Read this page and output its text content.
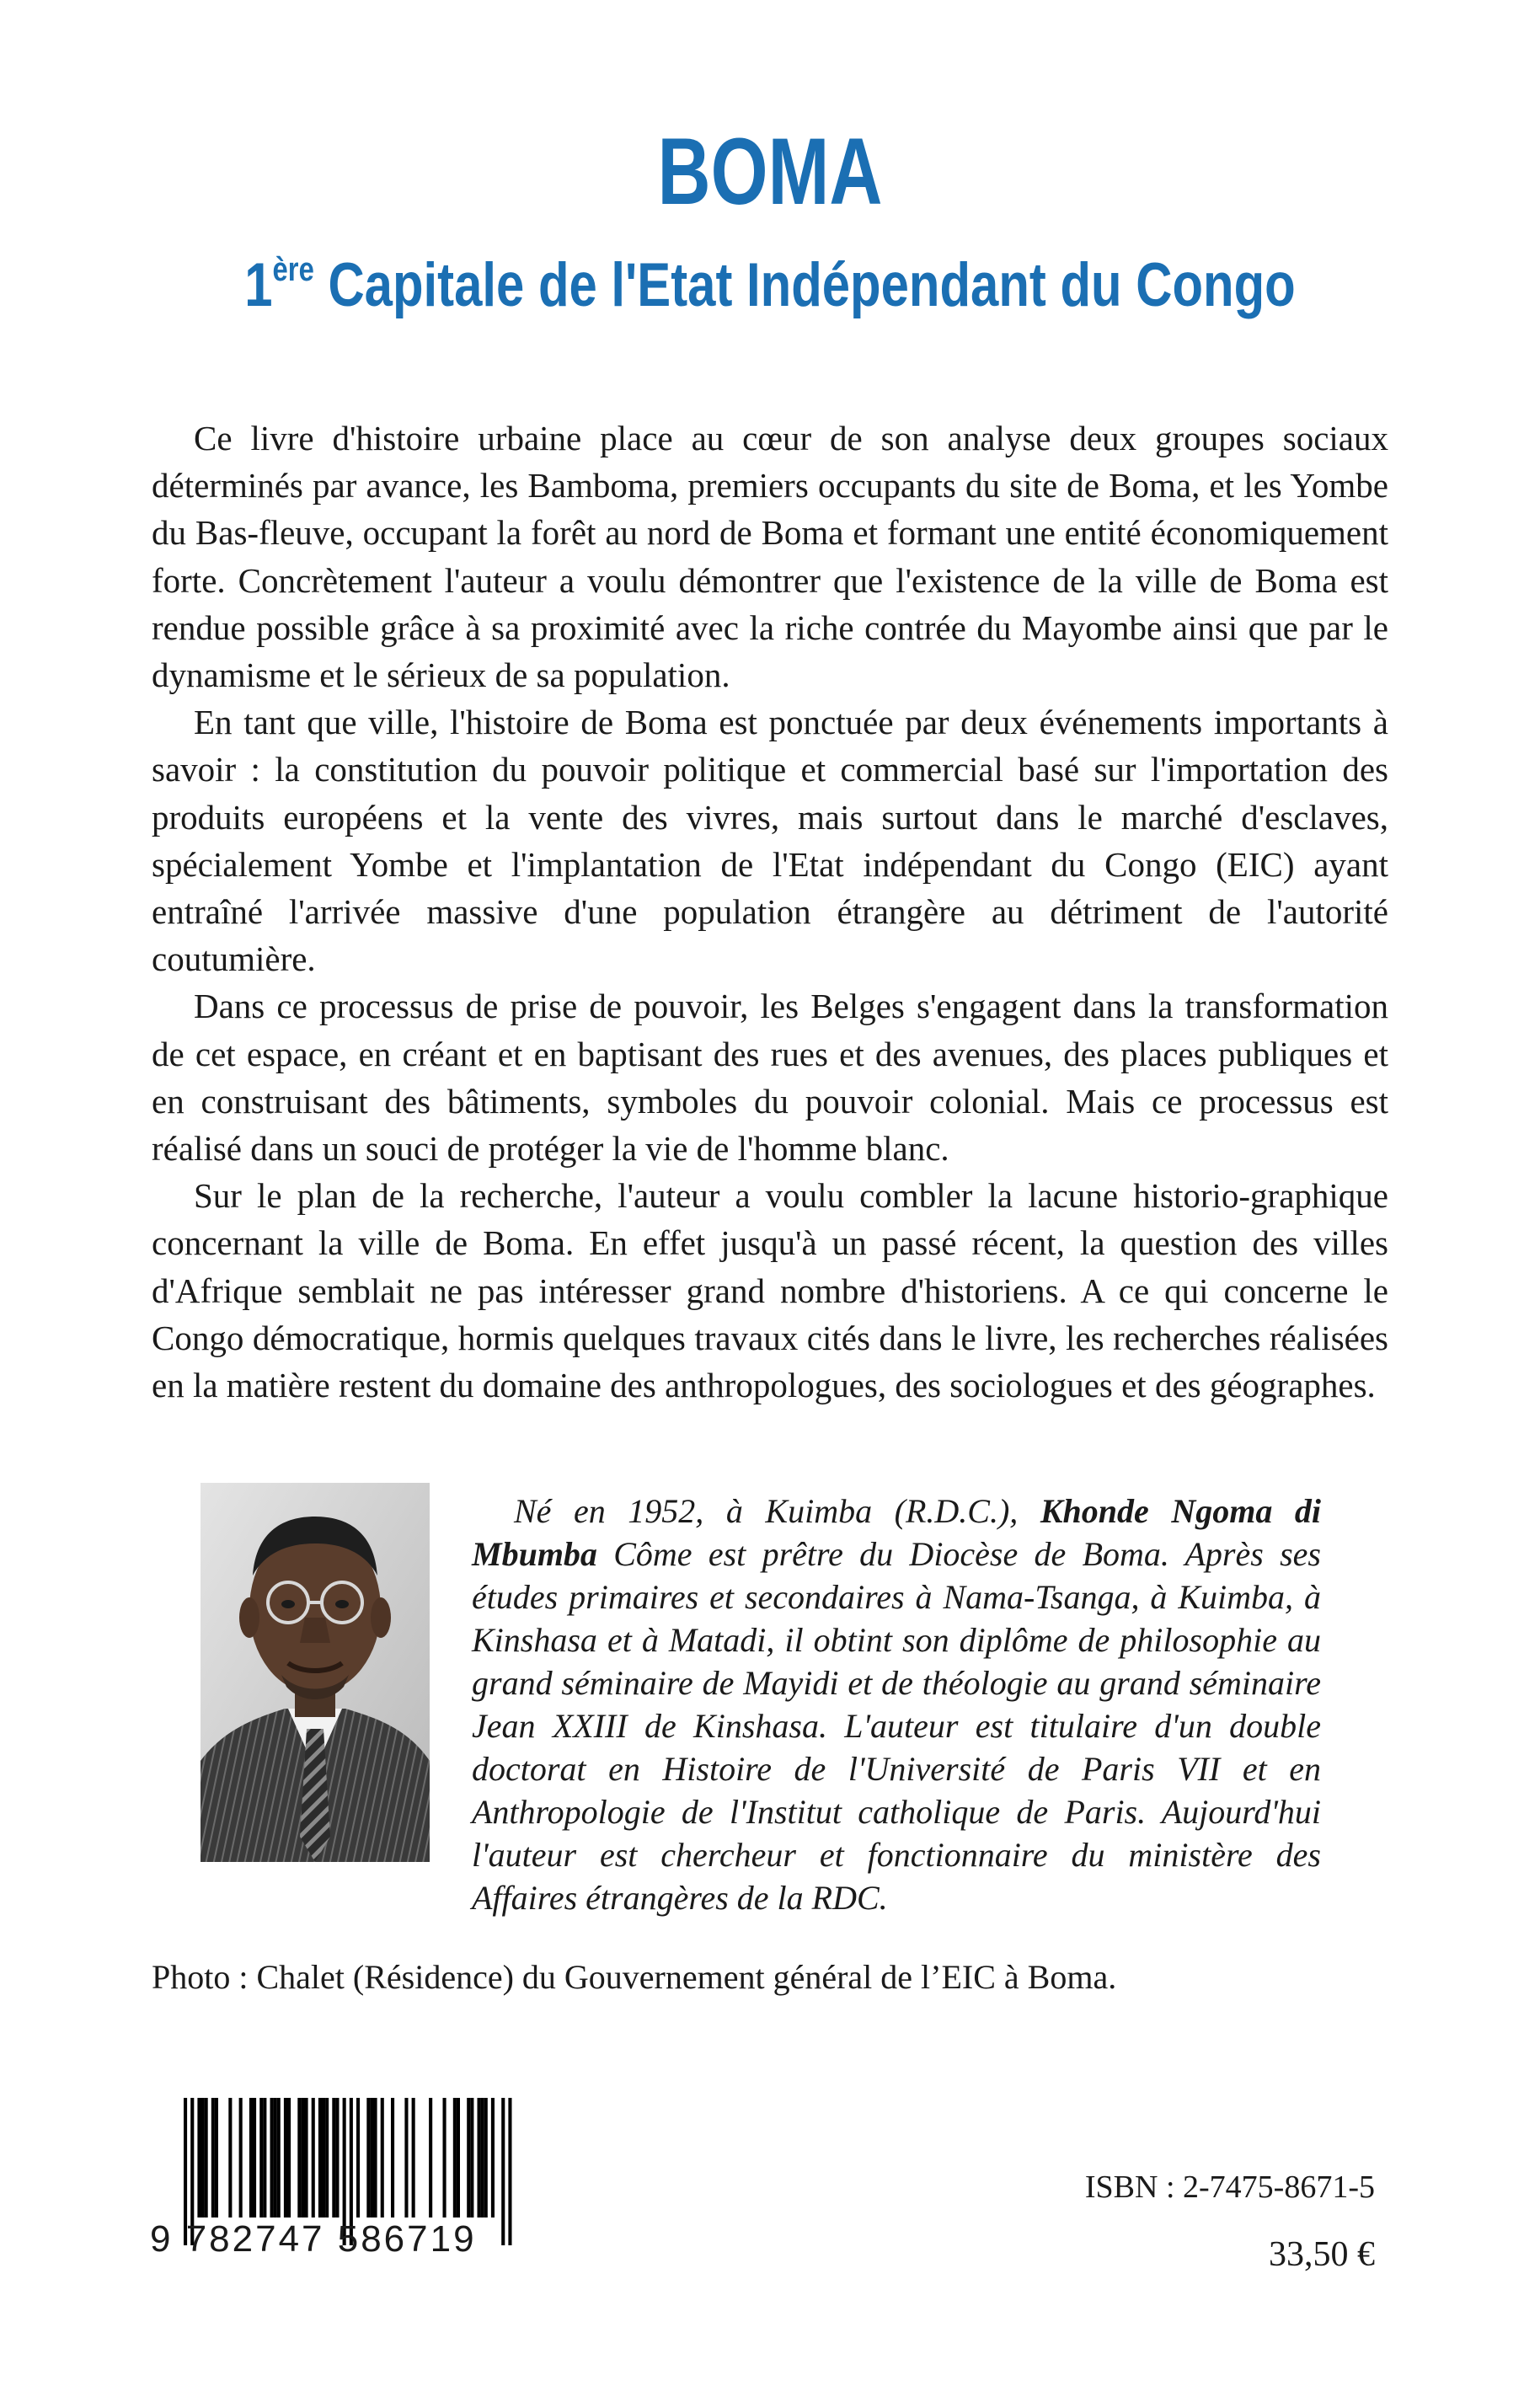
BOMA
1ère Capitale de l'Etat Indépendant du Congo

Ce livre d'histoire urbaine place au cœur de son analyse deux groupes sociaux déterminés par avance, les Bamboma, premiers occupants du site de Boma, et les Yombe du Bas-fleuve, occupant la forêt au nord de Boma et formant une entité économiquement forte. Concrètement l'auteur a voulu démontrer que l'existence de la ville de Boma est rendue possible grâce à sa proximité avec la riche contrée du Mayombe ainsi que par le dynamisme et le sérieux de sa population.

En tant que ville, l'histoire de Boma est ponctuée par deux événements importants à savoir : la constitution du pouvoir politique et commercial basé sur l'importation des produits européens et la vente des vivres, mais surtout dans le marché d'esclaves, spécialement Yombe et l'implantation de l'Etat indépendant du Congo (EIC) ayant entraîné l'arrivée massive d'une population étrangère au détriment de l'autorité coutumière.

Dans ce processus de prise de pouvoir, les Belges s'engagent dans la transformation de cet espace, en créant et en baptisant des rues et des avenues, des places publiques et en construisant des bâtiments, symboles du pouvoir colonial. Mais ce processus est réalisé dans un souci de protéger la vie de l'homme blanc.

Sur le plan de la recherche, l'auteur a voulu combler la lacune historio-graphique concernant la ville de Boma. En effet jusqu'à un passé récent, la question des villes d'Afrique semblait ne pas intéresser grand nombre d'historiens. A ce qui concerne le Congo démocratique, hormis quelques travaux cités dans le livre, les recherches réalisées en la matière restent du domaine des anthropologues, des sociologues et des géographes.

Né en 1952, à Kuimba (R.D.C.), Khonde Ngoma di Mbumba Côme est prêtre du Diocèse de Boma. Après ses études primaires et secondaires à Nama-Tsanga, à Kuimba, à Kinshasa et à Matadi, il obtint son diplôme de philosophie au grand séminaire de Mayidi et de théologie au grand séminaire Jean XXIII de Kinshasa. L'auteur est titulaire d'un double doctorat en Histoire de l'Université de Paris VII et en Anthropologie de l'Institut catholique de Paris. Aujourd'hui l'auteur est chercheur et fonctionnaire du ministère des Affaires étrangères de la RDC.

Photo : Chalet (Résidence) du Gouvernement général de l’EIC à Boma.
9 782747 586719
ISBN : 2-7475-8671-5
33,50 €
